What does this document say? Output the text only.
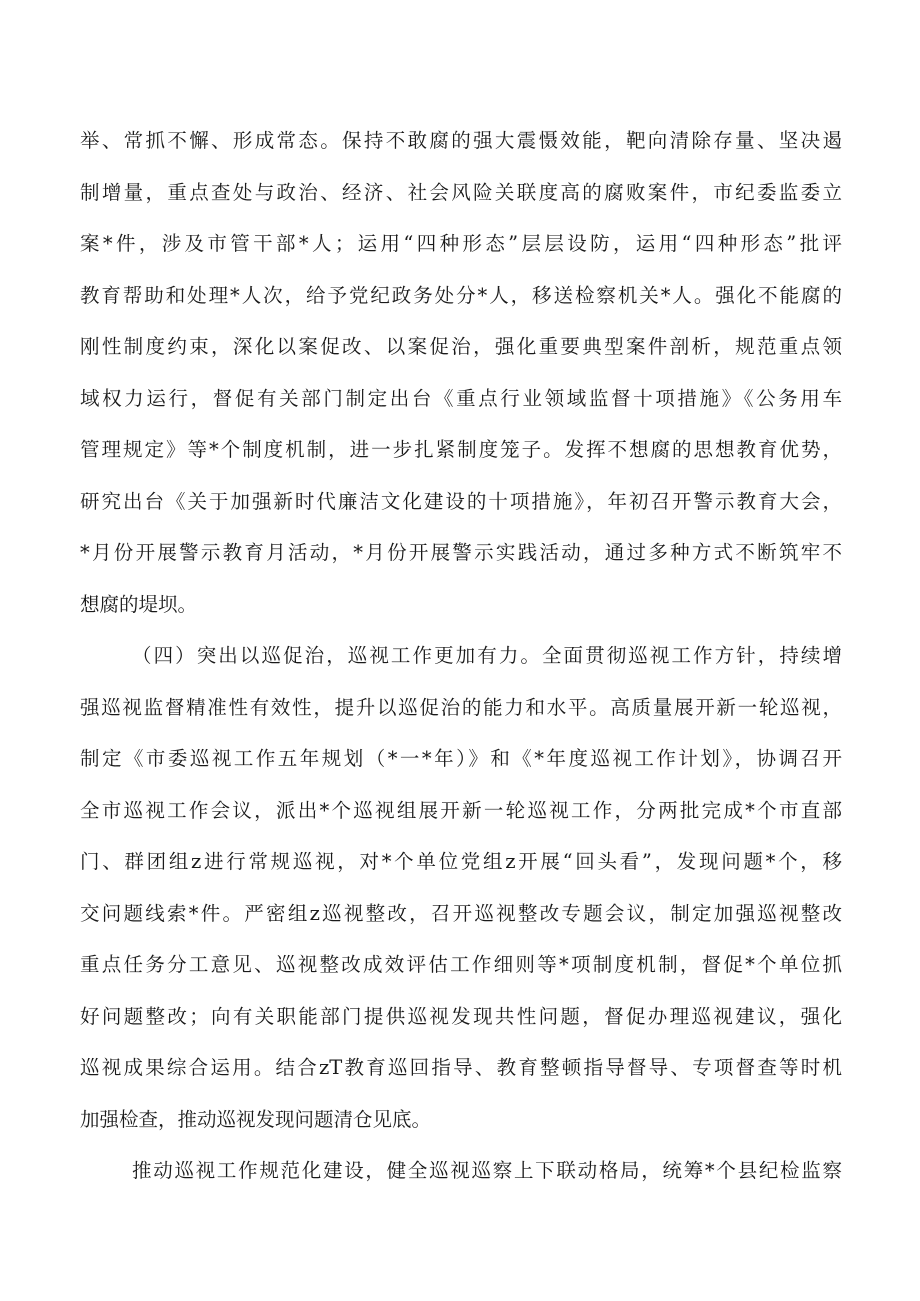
举、常抓不懈、形成常态。保持不敢腐的强大震慑效能，靶向清除存量、坚决遏
制增量，重点查处与政治、经济、社会风险关联度高的腐败案件，市纪委监委立
案*件，涉及市管干部*人；运用“四种形态”层层设防，运用“四种形态”批评
教育帮助和处理*人次，给予党纪政务处分*人，移送检察机关*人。强化不能腐的
刚性制度约束，深化以案促改、以案促治，强化重要典型案件剖析，规范重点领
域权力运行，督促有关部门制定出台《重点行业领域监督十项措施》《公务用车
管理规定》等*个制度机制，进一步扎紧制度笼子。发挥不想腐的思想教育优势，
研究出台《关于加强新时代廉洁文化建设的十项措施》，年初召开警示教育大会，
*月份开展警示教育月活动，*月份开展警示实践活动，通过多种方式不断筑牢不
想腐的堤坝。
（四）突出以巡促治，巡视工作更加有力。全面贯彻巡视工作方针，持续增
强巡视监督精准性有效性，提升以巡促治的能力和水平。高质量展开新一轮巡视，
制定《市委巡视工作五年规划（*一*年）》和《*年度巡视工作计划》，协调召开
全市巡视工作会议，派出*个巡视组展开新一轮巡视工作，分两批完成*个市直部
门、群团组z进行常规巡视，对*个单位党组z开展“回头看”，发现问题*个，移
交问题线索*件。严密组z巡视整改，召开巡视整改专题会议，制定加强巡视整改
重点任务分工意见、巡视整改成效评估工作细则等*项制度机制，督促*个单位抓
好问题整改；向有关职能部门提供巡视发现共性问题，督促办理巡视建议，强化
巡视成果综合运用。结合zT教育巡回指导、教育整顿指导督导、专项督查等时机
加强检查，推动巡视发现问题清仓见底。
推动巡视工作规范化建设，健全巡视巡察上下联动格局，统筹*个县纪检监察
